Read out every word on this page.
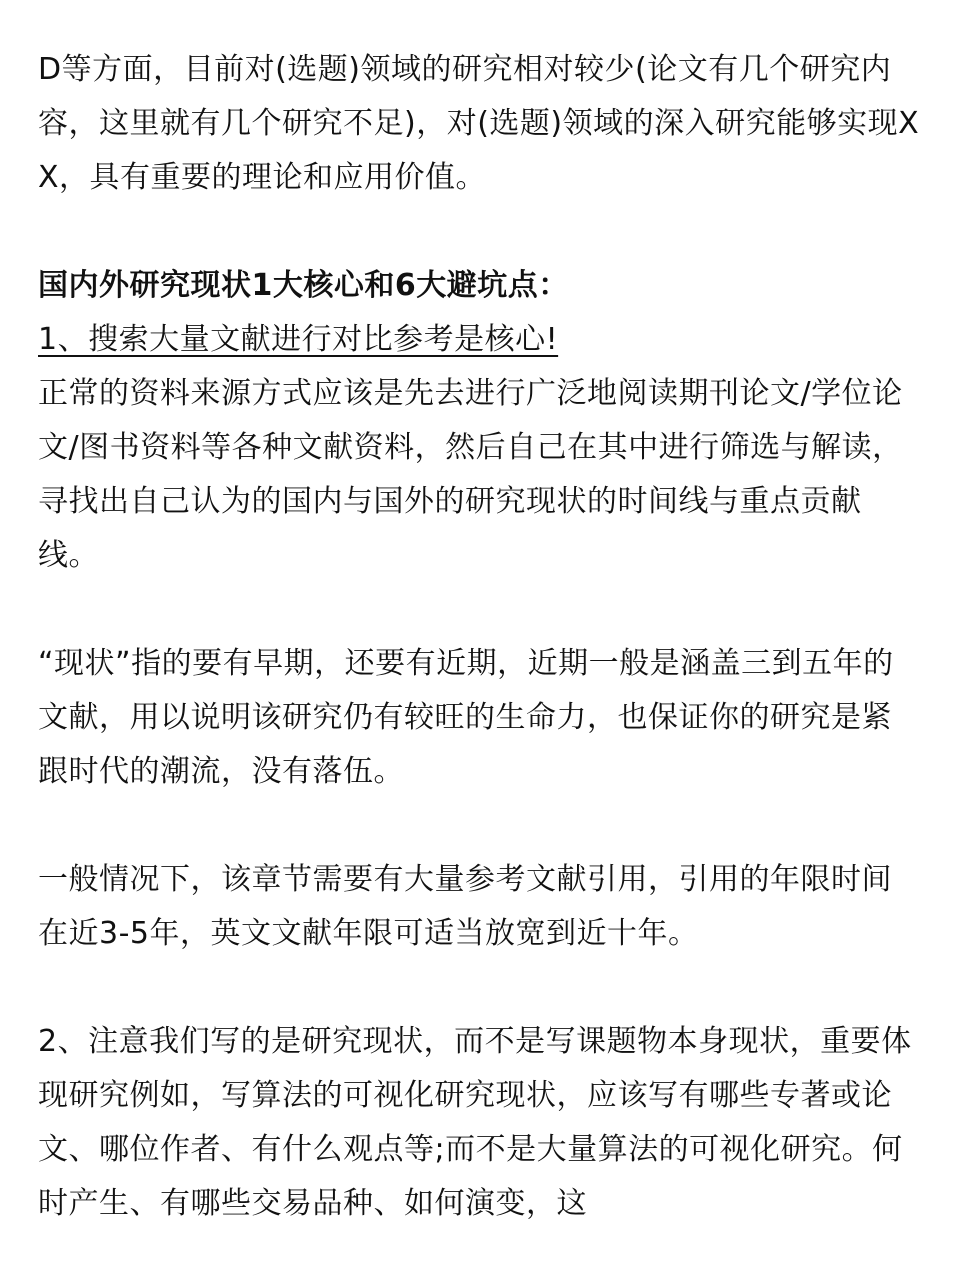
D等方面，目前对(选题)领域的研究相对较少(论文有几个研究内容，这里就有几个研究不足)，对(选题)领域的深入研究能够实现XX，具有重要的理论和应用价值。

国内外研究现状1大核心和6大避坑点：

1、搜索大量文献进行对比参考是核心!

正常的资料来源方式应该是先去进行广泛地阅读期刊论文/学位论文/图书资料等各种文献资料，然后自己在其中进行筛选与解读，寻找出自己认为的国内与国外的研究现状的时间线与重点贡献线。

“现状”指的要有早期，还要有近期，近期一般是涵盖三到五年的文献，用以说明该研究仍有较旺的生命力，也保证你的研究是紧跟时代的潮流，没有落伍。

一般情况下，该章节需要有大量参考文献引用，引用的年限时间在近3-5年，英文文献年限可适当放宽到近十年。

2、注意我们写的是研究现状，而不是写课题物本身现状，重要体现研究例如，写算法的可视化研究现状，应该写有哪些专著或论文、哪位作者、有什么观点等;而不是大量算法的可视化研究。何时产生、有哪些交易品种、如何演变，这
